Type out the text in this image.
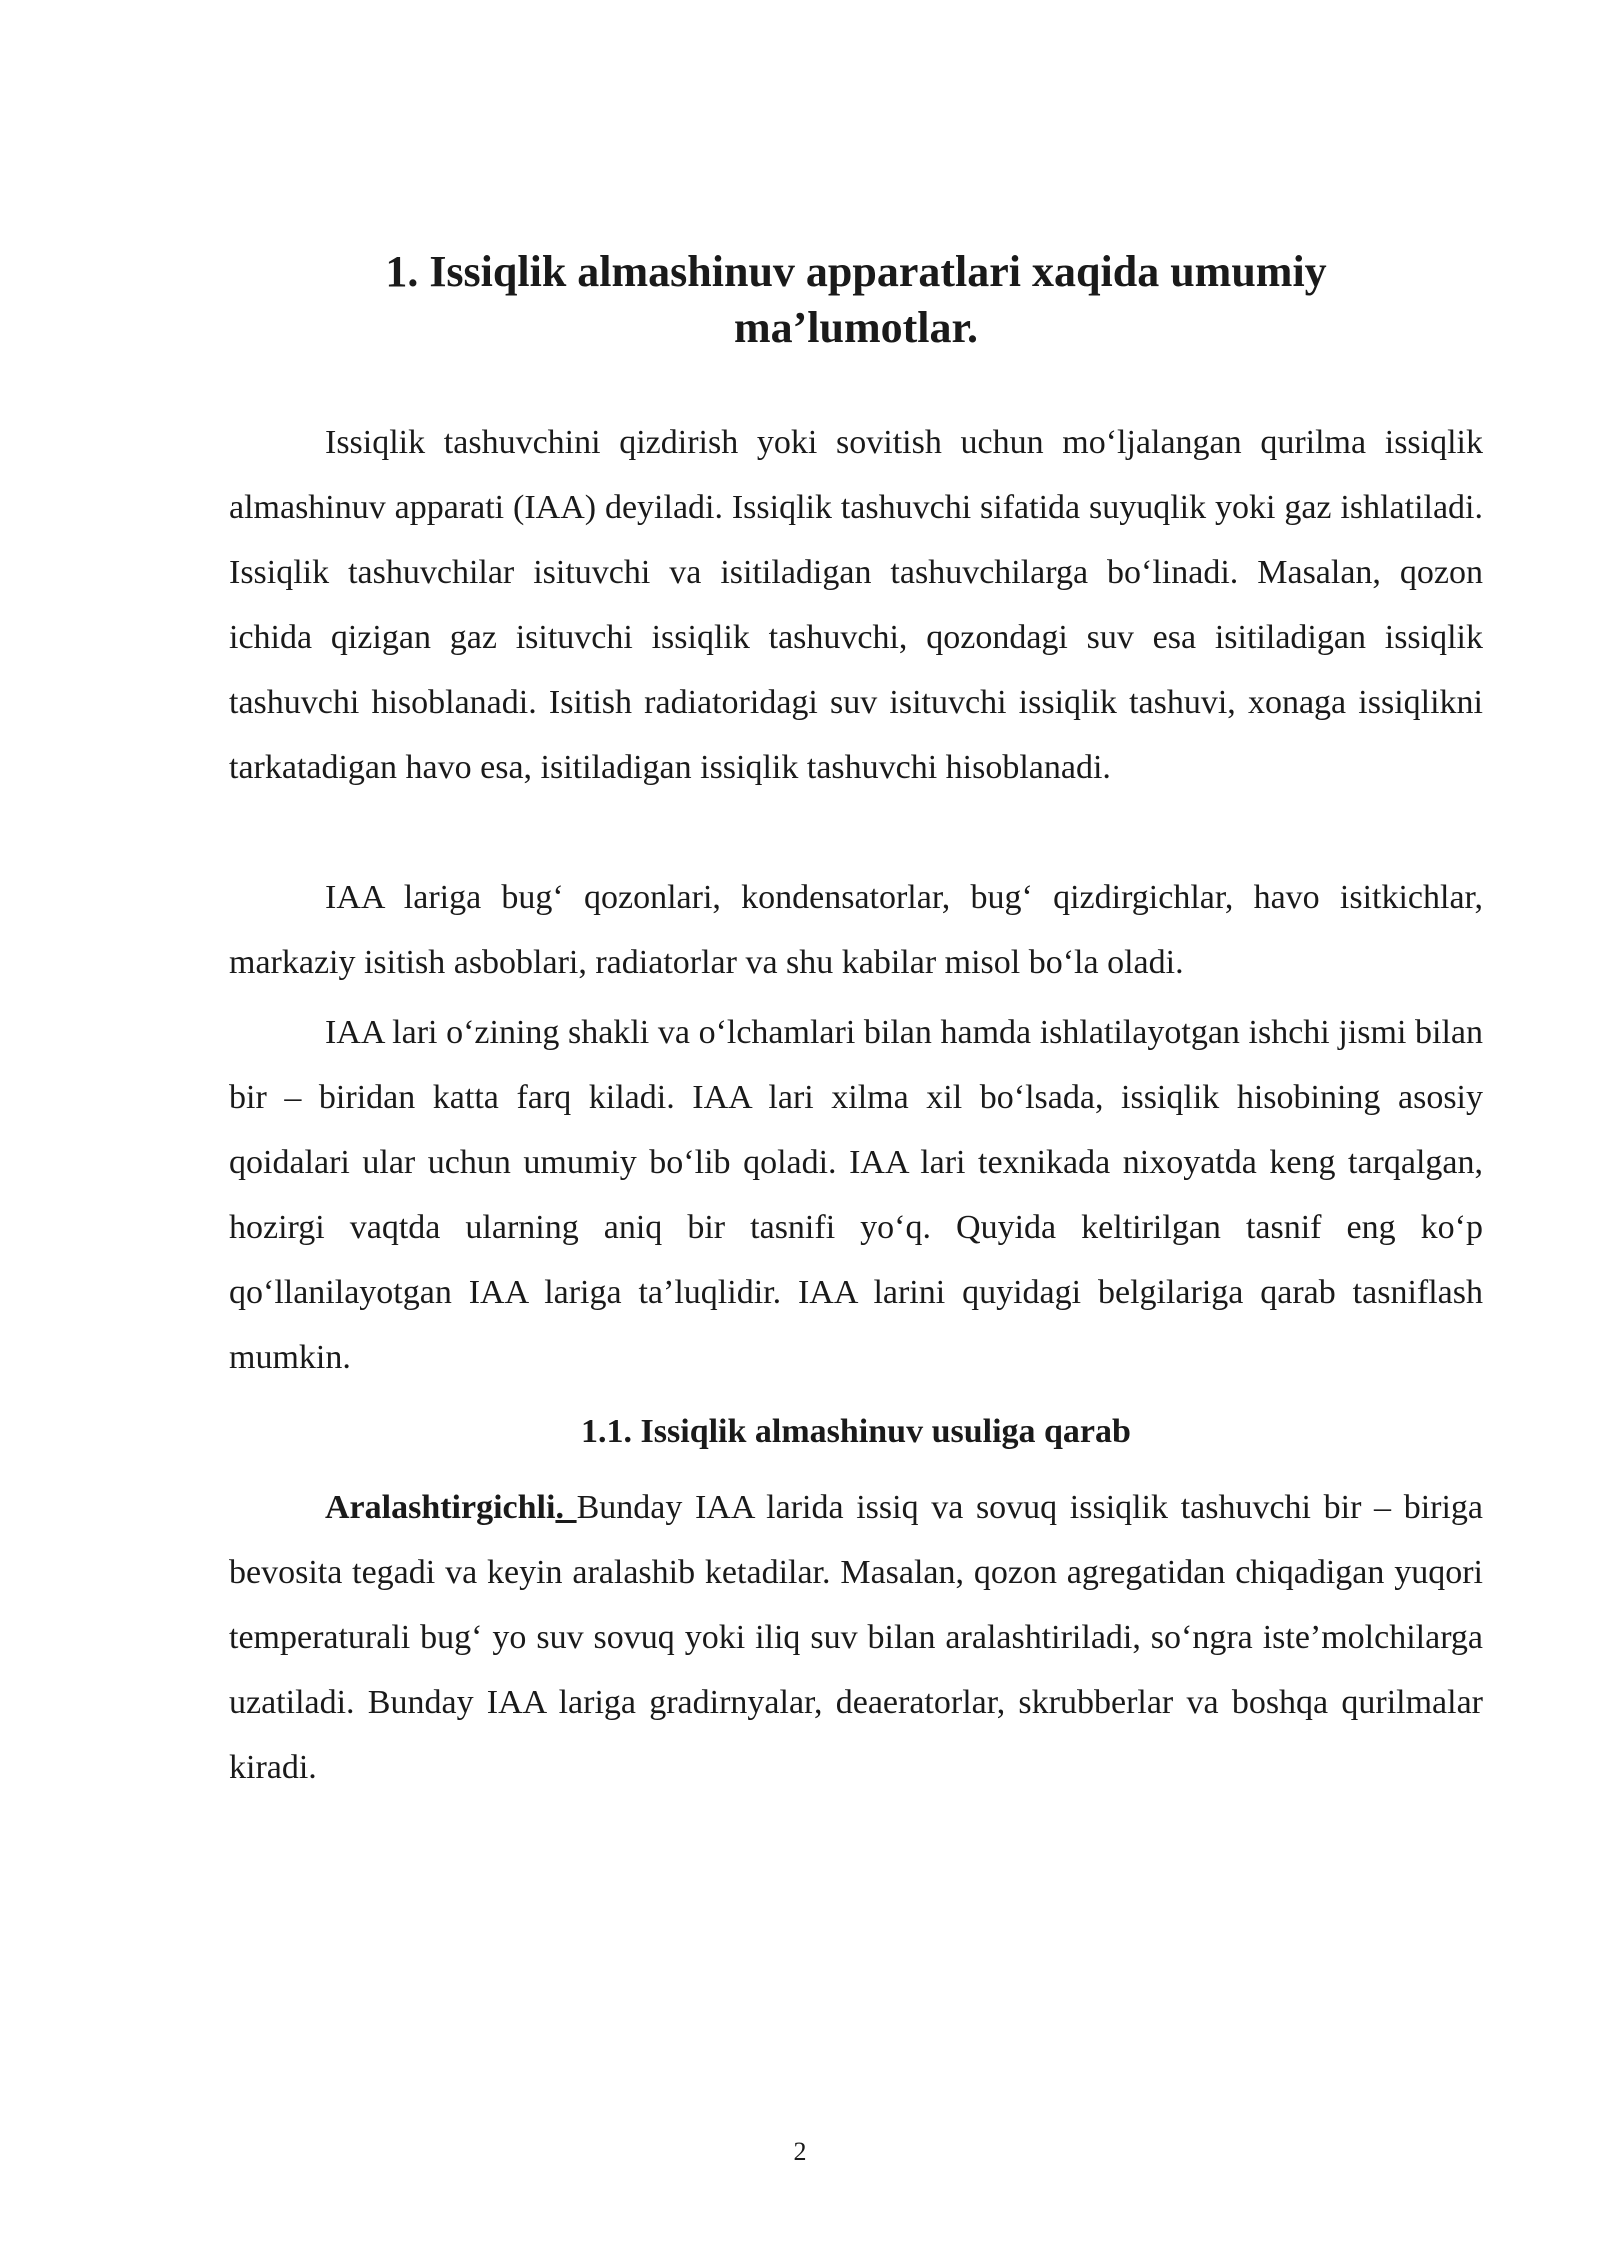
1. Issiqlik almashinuv apparatlari xaqida umumiy
ma’lumotlar.

Issiqlik tashuvchini qizdirish yoki sovitish uchun mo‘ljalangan qurilma issiqlik almashinuv apparati (IAA) deyiladi. Issiqlik tashuvchi sifatida suyuqlik yoki gaz ishlatiladi. Issiqlik tashuvchilar isituvchi va isitiladigan tashuvchilarga bo‘linadi. Masalan, qozon ichida qizigan gaz isituvchi issiqlik tashuvchi, qozondagi suv esa isitiladigan issiqlik tashuvchi hisoblanadi. Isitish radiatoridagi suv isituvchi issiqlik tashuvi, xonaga issiqlikni tarkatadigan havo esa, isitiladigan issiqlik tashuvchi hisoblanadi.

IAA lariga bug‘ qozonlari, kondensatorlar, bug‘ qizdirgichlar, havo isitkichlar, markaziy isitish asboblari, radiatorlar va shu kabilar misol bo‘la oladi.

IAA lari o‘zining shakli va o‘lchamlari bilan hamda ishlatilayotgan ishchi jismi bilan bir – biridan katta farq kiladi. IAA lari xilma xil bo‘lsada, issiqlik hisobining asosiy qoidalari ular uchun umumiy bo‘lib qoladi. IAA lari texnikada nixoyatda keng tarqalgan, hozirgi vaqtda ularning aniq bir tasnifi yo‘q. Quyida keltirilgan tasnif eng ko‘p qo‘llanilayotgan IAA lariga ta’luqlidir. IAA larini quyidagi belgilariga qarab tasniflash mumkin.

1.1. Issiqlik almashinuv usuliga qarab

Aralashtirgichli. Bunday IAA larida issiq va sovuq issiqlik tashuvchi bir – biriga bevosita tegadi va keyin aralashib ketadilar. Masalan, qozon agregatidan chiqadigan yuqori temperaturali bug‘ yo suv sovuq yoki iliq suv bilan aralashtiriladi, so‘ngra iste’molchilarga uzatiladi. Bunday IAA lariga gradirnyalar, deaeratorlar, skrubberlar va boshqa qurilmalar kiradi.

2
